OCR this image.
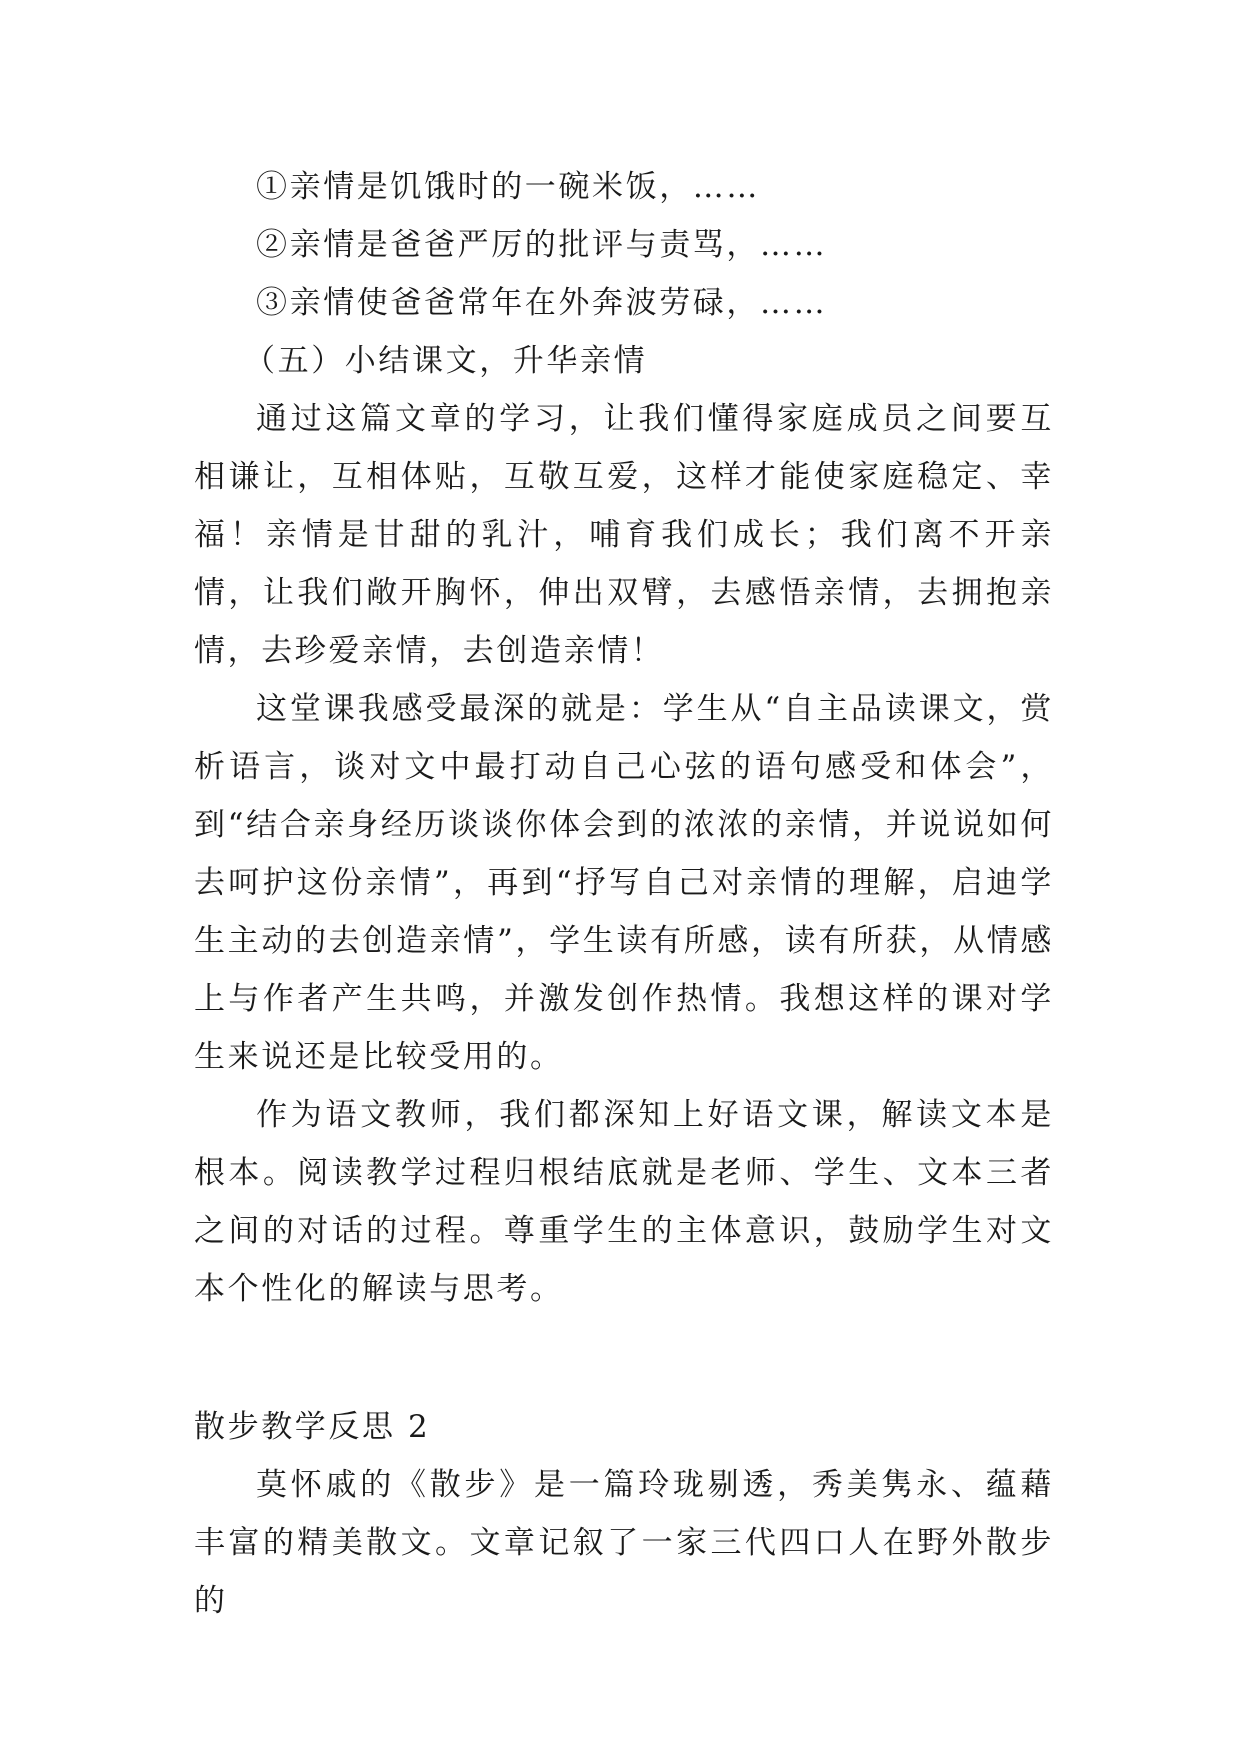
①亲情是饥饿时的一碗米饭，……

②亲情是爸爸严厉的批评与责骂，……

③亲情使爸爸常年在外奔波劳碌，……

（五）小结课文，升华亲情

通过这篇文章的学习，让我们懂得家庭成员之间要互相谦让，互相体贴，互敬互爱，这样才能使家庭稳定、幸福！亲情是甘甜的乳汁，哺育我们成长；我们离不开亲情，让我们敞开胸怀，伸出双臂，去感悟亲情，去拥抱亲情，去珍爱亲情，去创造亲情！

这堂课我感受最深的就是：学生从“自主品读课文，赏析语言，谈对文中最打动自己心弦的语句感受和体会”，到“结合亲身经历谈谈你体会到的浓浓的亲情，并说说如何去呵护这份亲情”，再到“抒写自己对亲情的理解，启迪学生主动的去创造亲情”，学生读有所感，读有所获，从情感上与作者产生共鸣，并激发创作热情。我想这样的课对学生来说还是比较受用的。

作为语文教师，我们都深知上好语文课，解读文本是根本。阅读教学过程归根结底就是老师、学生、文本三者之间的对话的过程。尊重学生的主体意识，鼓励学生对文本个性化的解读与思考。

散步教学反思 2

莫怀戚的《散步》是一篇玲珑剔透，秀美隽永、蕴藉丰富的精美散文。文章记叙了一家三代四口人在野外散步的
